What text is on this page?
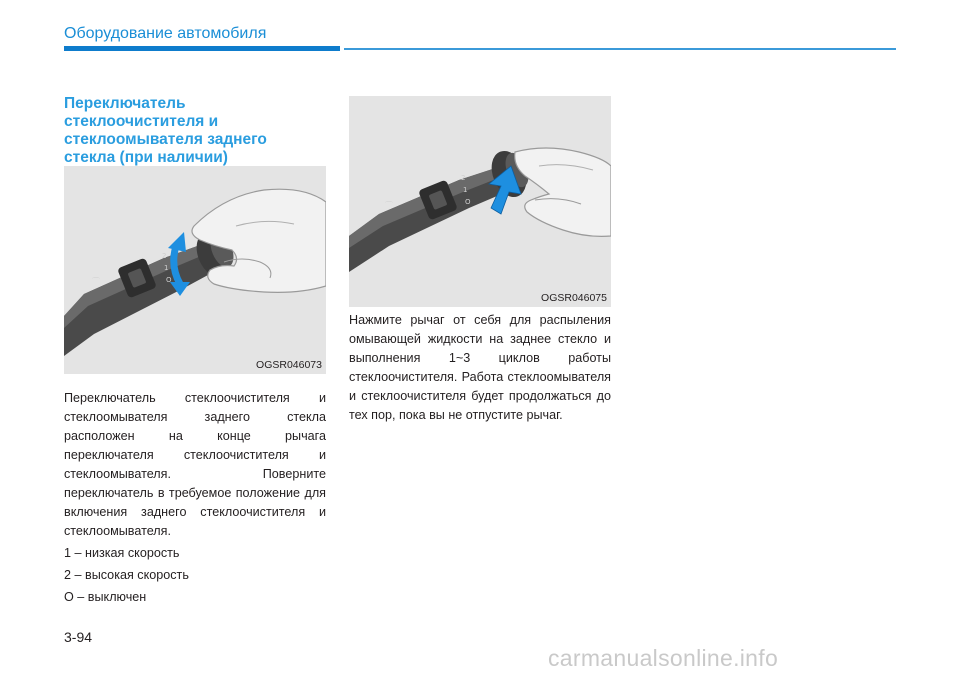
Оборудование автомобиля
Переключатель
стеклоочистителя и
стеклоомывателя заднего
стекла (при наличии)
⌒
2
1
O
OGSR046073
⌒
2
1
O
OGSR046075

Переключатель стеклоочистителя и стеклоомывателя заднего стекла расположен на конце рычага переключателя стеклоочистителя и стеклоомывателя. Поверните переключатель в требуемое положение для включения заднего стеклоочистителя и стеклоомывателя.

1 – низкая скорость

2 – высокая скорость

O – выключен

Нажмите рычаг от себя для распыления омывающей жидкости на заднее стекло и выполнения 1~3 циклов работы стеклоочистителя. Работа стеклоомывателя и стеклоочистителя будет продолжаться до тех пор, пока вы не отпустите рычаг.

3-94
carmanualsonline.info
